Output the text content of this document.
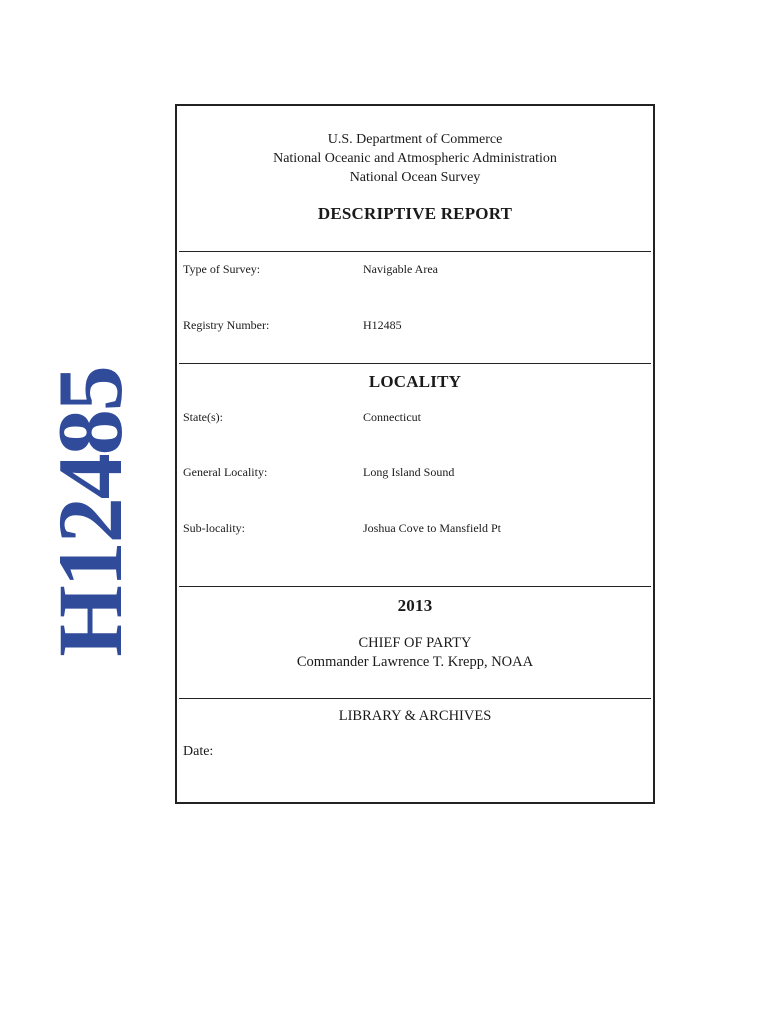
H12485
U.S. Department of Commerce
National Oceanic and Atmospheric Administration
National Ocean Survey
DESCRIPTIVE REPORT
Type of Survey:	Navigable Area
Registry Number:	H12485
LOCALITY
State(s):	Connecticut
General Locality:	Long Island Sound
Sub-locality:	Joshua Cove to Mansfield Pt
2013
CHIEF OF PARTY
Commander Lawrence T. Krepp, NOAA
LIBRARY & ARCHIVES
Date:
